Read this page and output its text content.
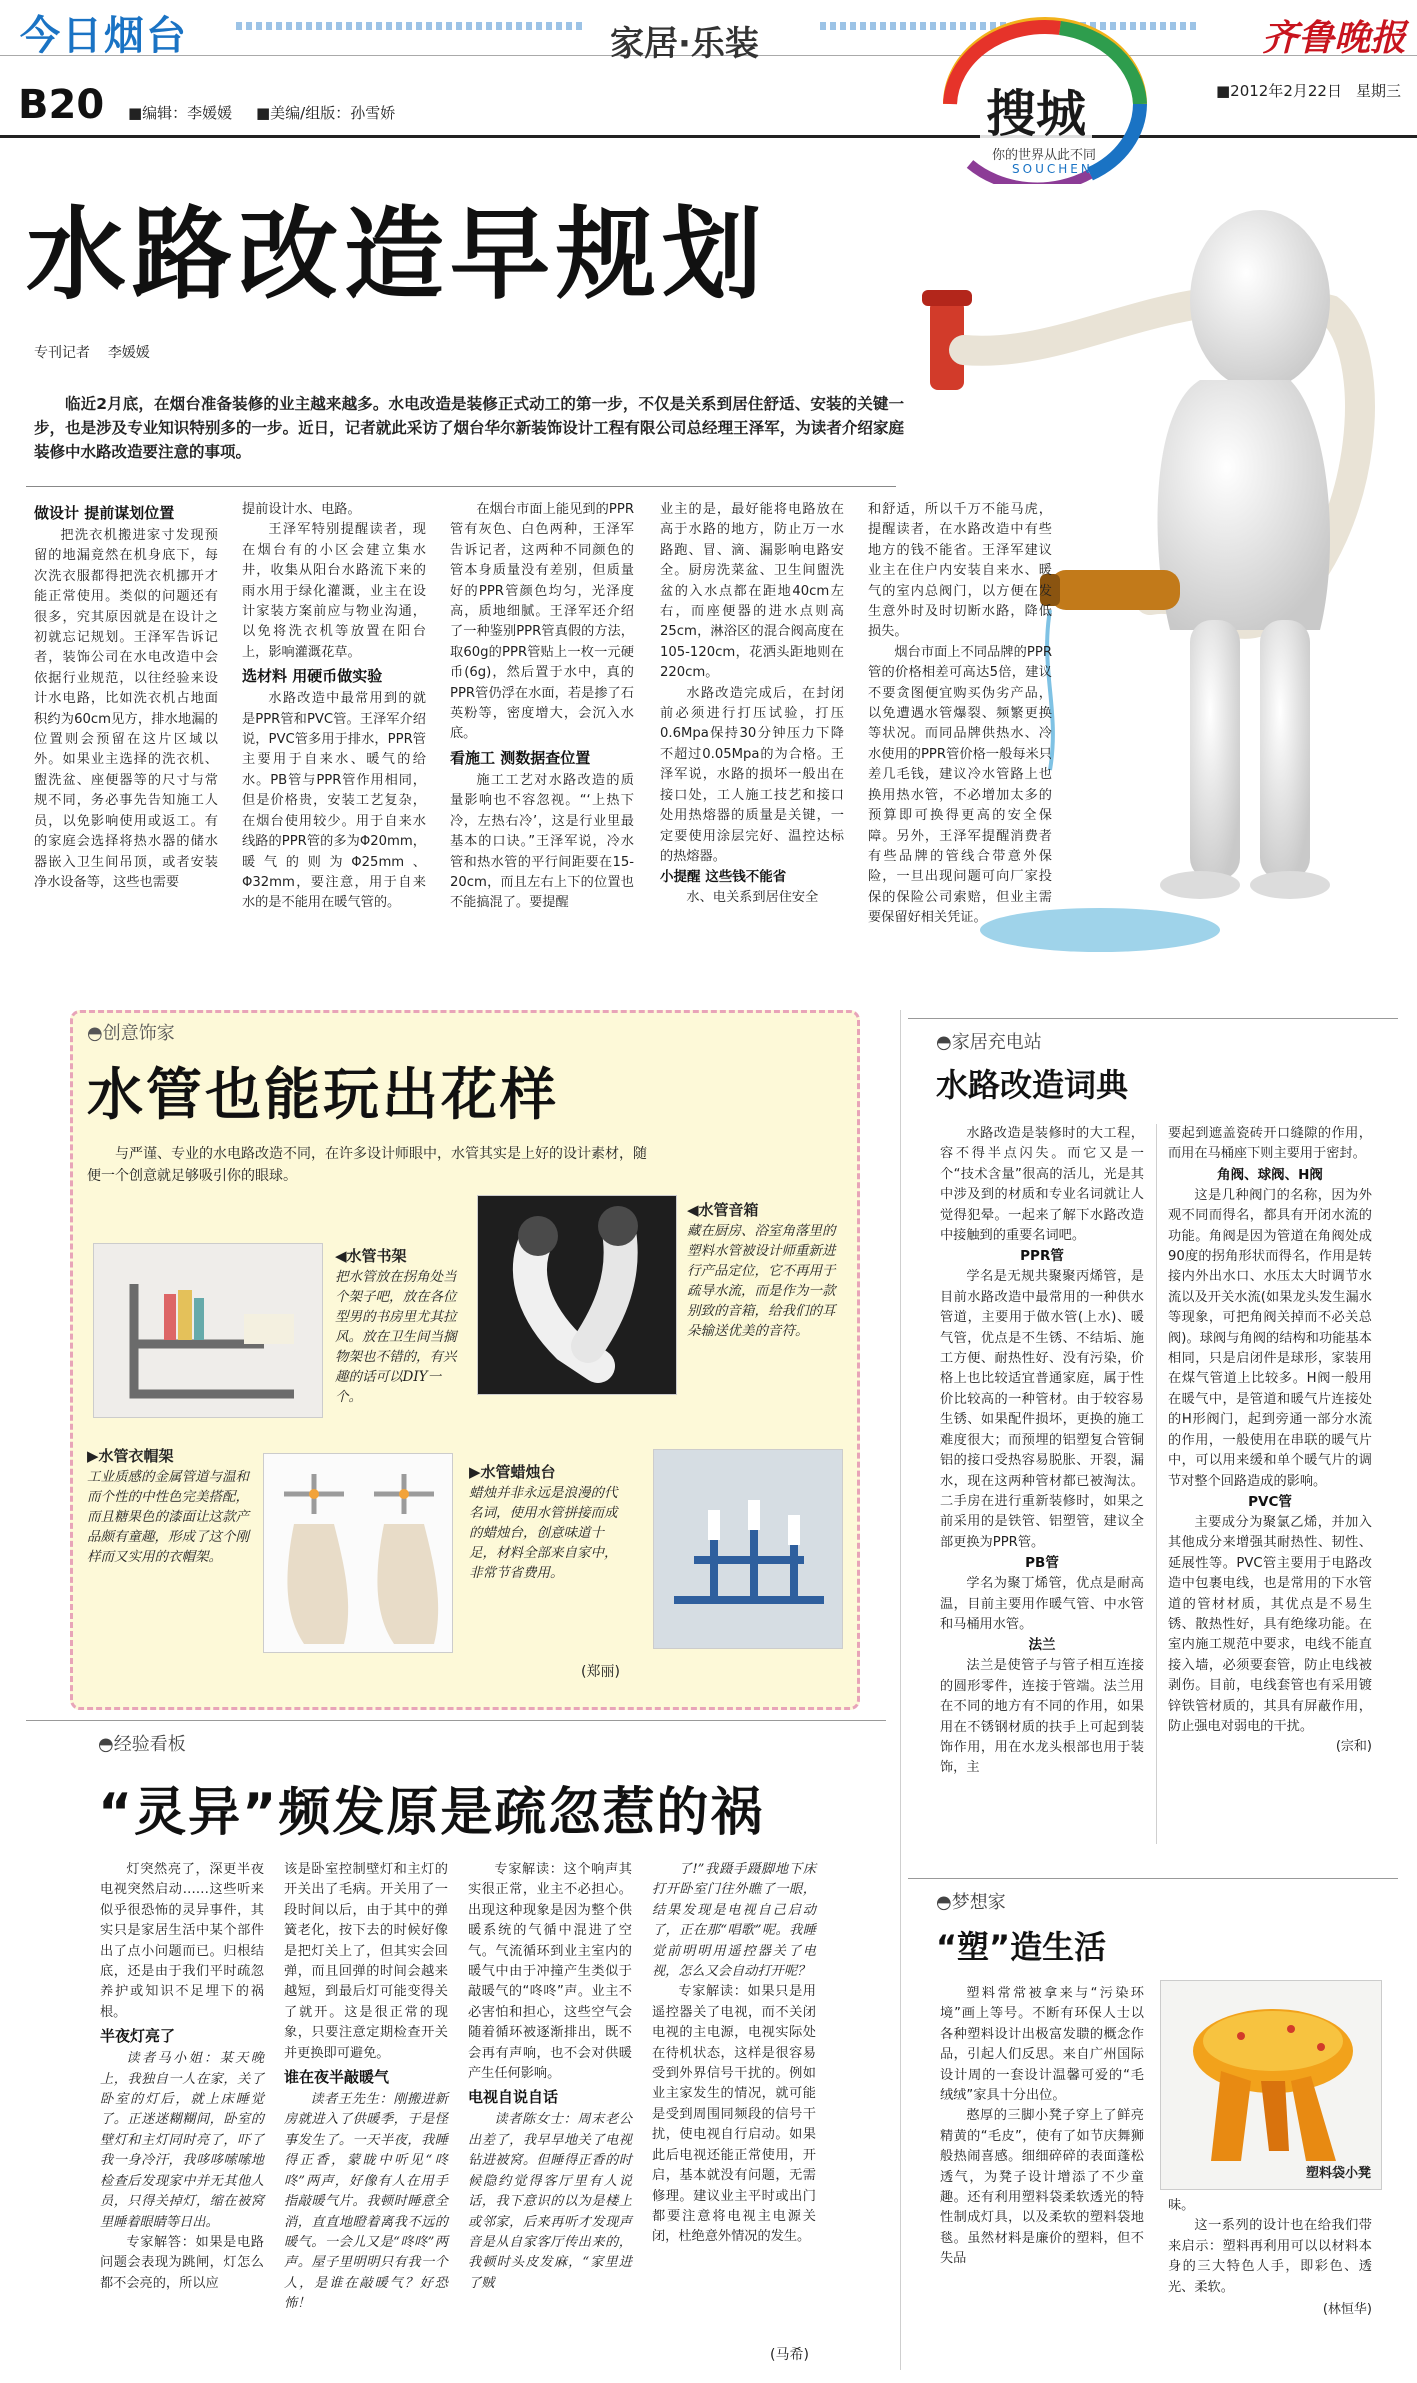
今日烟台	家居·乐装	齐鲁晚报
B20 ■编辑：李媛媛 ■美编/组版：孙雪娇
■2012年2月22日 星期三
搜城
你的世界从此不同
SOUCHENG
水路改造早规划
专刊记者 李媛媛
临近2月底，在烟台准备装修的业主越来越多。水电改造是装修正式动工的第一步，不仅是关系到居住舒适、安装的关键一步，也是涉及专业知识特别多的一步。近日，记者就此采访了烟台华尔新装饰设计工程有限公司总经理王泽军，为读者介绍家庭装修中水路改造要注意的事项。
做设计 提前谋划位置

把洗衣机搬进家寸发现预留的地漏竟然在机身底下，每次洗衣服都得把洗衣机挪开才能正常使用。类似的问题还有很多，究其原因就是在设计之初就忘记规划。王泽军告诉记者，装饰公司在水电改造中会依据行业规范，以往经验来设计水电路，比如洗衣机占地面积约为60cm见方，排水地漏的位置则会预留在这片区域以外。如果业主选择的洗衣机、盥洗盆、座便器等的尺寸与常规不同，务必事先告知施工人员，以免影响使用或返工。有的家庭会选择将热水器的储水器嵌入卫生间吊顶，或者安装净水设备等，这些也需要

提前设计水、电路。

王泽军特别提醒读者，现在烟台有的小区会建立集水井，收集从阳台水路流下来的雨水用于绿化灌溉，业主在设计家装方案前应与物业沟通，以免将洗衣机等放置在阳台上，影响灌溉花草。

选材料 用硬币做实验

水路改造中最常用到的就是PPR管和PVC管。王泽军介绍说，PVC管多用于排水，PPR管主要用于自来水、暖气的给水。PB管与PPR管作用相同，但是价格贵，安装工艺复杂，在烟台使用较少。用于自来水线路的PPR管的多为Φ20mm，暖气的则为Φ25mm、Φ32mm，要注意，用于自来水的是不能用在暖气管的。

在烟台市面上能见到的PPR管有灰色、白色两种，王泽军告诉记者，这两种不同颜色的管本身质量没有差别，但质量好的PPR管颜色均匀，光泽度高，质地细腻。王泽军还介绍了一种鉴别PPR管真假的方法，取60g的PPR管贴上一枚一元硬币(6g)，然后置于水中，真的PPR管仍浮在水面，若是掺了石英粉等，密度增大，会沉入水底。

看施工 测数据查位置

施工工艺对水路改造的质量影响也不容忽视。“‘上热下冷，左热右冷’，这是行业里最基本的口诀。”王泽军说，冷水管和热水管的平行间距要在15-20cm，而且左右上下的位置也不能搞混了。要提醒

业主的是，最好能将电路放在高于水路的地方，防止万一水路跑、冒、滴、漏影响电路安全。厨房洗菜盆、卫生间盥洗盆的入水点都在距地40cm左右，而座便器的进水点则高25cm，淋浴区的混合阀高度在105-120cm，花洒头距地则在220cm。

水路改造完成后，在封闭前必须进行打压试验，打压0.6Mpa保持30分钟压力下降不超过0.05Mpa的为合格。王泽军说，水路的损坏一般出在接口处，工人施工技艺和接口处用热熔器的质量是关键，一定要使用涂层完好、温控达标的热熔器。

小提醒 这些钱不能省

水、电关系到居住安全

和舒适，所以千万不能马虎，提醒读者，在水路改造中有些地方的钱不能省。王泽军建议业主在住户内安装自来水、暖气的室内总阀门，以方便在发生意外时及时切断水路，降低损失。

烟台市面上不同品牌的PPR管的价格相差可高达5倍，建议不要贪图便宜购买伪劣产品，以免遭遇水管爆裂、频繁更换等状况。而同品牌供热水、冷水使用的PPR管价格一般每米只差几毛钱，建议冷水管路上也换用热水管，不必增加太多的预算即可换得更高的安全保障。另外，王泽军提醒消费者有些品牌的管线合带意外保险，一旦出现问题可向厂家投保的保险公司索赔，但业主需要保留好相关凭证。

◓创意饰家
水管也能玩出花样
与严谨、专业的水电路改造不同，在许多设计师眼中，水管其实是上好的设计素材，随便一个创意就足够吸引你的眼球。
◀水管书架
把水管放在拐角处当个架子吧，放在各位型男的书房里尤其拉风。放在卫生间当搁物架也不错的，有兴趣的话可以DIY一个。
◀水管音箱
藏在厨房、浴室角落里的塑料水管被设计师重新进行产品定位，它不再用于疏导水流，而是作为一款别致的音箱，给我们的耳朵输送优美的音符。
▶水管衣帽架
工业质感的金属管道与温和而个性的中性色完美搭配，而且糖果色的漆面让这款产品颇有童趣，形成了这个刚样而又实用的衣帽架。
▶水管蜡烛台
蜡烛并非永远是浪漫的代名词，使用水管拼接而成的蜡烛台，创意味道十足，材料全部来自家中，非常节省费用。
(郑丽)
◓家居充电站
水路改造词典

水路改造是装修时的大工程，容不得半点闪失。而它又是一个“技术含量”很高的活儿，光是其中涉及到的材质和专业名词就让人觉得犯晕。一起来了解下水路改造中接触到的重要名词吧。

PPR管

学名是无规共聚聚丙烯管，是目前水路改造中最常用的一种供水管道，主要用于做水管(上水)、暖气管，优点是不生锈、不结垢、施工方便、耐热性好、没有污染，价格上也比较适宜普通家庭，属于性价比较高的一种管材。由于较容易生锈、如果配件损坏，更换的施工难度很大；而预埋的铝塑复合管铜铝的接口受热容易脱胀、开裂，漏水，现在这两种管材都已被淘汰。二手房在进行重新装修时，如果之前采用的是铁管、铝塑管，建议全部更换为PPR管。

PB管

学名为聚丁烯管，优点是耐高温，目前主要用作暖气管、中水管和马桶用水管。

法兰

法兰是使管子与管子相互连接的圆形零件，连接于管端。法兰用在不同的地方有不同的作用，如果用在不锈钢材质的扶手上可起到装饰作用，用在水龙头根部也用于装饰，主

要起到遮盖瓷砖开口缝隙的作用，而用在马桶座下则主要用于密封。

角阀、球阀、H阀

这是几种阀门的名称，因为外观不同而得名，都具有开闭水流的功能。角阀是因为管道在角阀处成90度的拐角形状而得名，作用是转接内外出水口、水压太大时调节水流以及开关水流(如果龙头发生漏水等现象，可把角阀关掉而不必关总阀)。球阀与角阀的结构和功能基本相同，只是启闭件是球形，家装用在煤气管道上比较多。H阀一般用在暖气中，是管道和暖气片连接处的H形阀门，起到旁通一部分水流的作用，一般使用在串联的暖气片中，可以用来缓和单个暖气片的调节对整个回路造成的影响。

PVC管

主要成分为聚氯乙烯，并加入其他成分来增强其耐热性、韧性、延展性等。PVC管主要用于电路改造中包裹电线，也是常用的下水管道的管材材质，其优点是不易生锈、散热性好，具有绝缘功能。在室内施工规范中要求，电线不能直接入墙，必须要套管，防止电线被剥伤。目前，电线套管也有采用镀锌铁管材质的，其具有屏蔽作用，防止强电对弱电的干扰。

(宗和)
◓梦想家
“塑”造生活

塑料常常被拿来与“污染环境”画上等号。不断有环保人士以各种塑料设计出极富发聩的概念作品，引起人们反思。来自广州国际设计周的一套设计温馨可爱的“毛绒绒”家具十分出位。

憨厚的三脚小凳子穿上了鲜亮精黄的“毛皮”，使有了如节庆舞狮般热闹喜感。细细碎碎的表面蓬松透气，为凳子设计增添了不少童趣。还有利用塑料袋柔软透光的特性制成灯具，以及柔软的塑料袋地毯。虽然材料是廉价的塑料，但不失品

塑料袋小凳

味。

这一系列的设计也在给我们带来启示：塑料再利用可以以材料本身的三大特色人手，即彩色、透光、柔软。

(林恒华)
◓经验看板
“灵异”频发原是疏忽惹的祸

灯突然亮了，深更半夜电视突然启动……这些听来似乎很恐怖的灵异事件，其实只是家居生活中某个部件出了点小问题而已。归根结底，还是由于我们平时疏忽养护或知识不足埋下的祸根。

半夜灯亮了

读者马小姐：某天晚上，我独自一人在家，关了卧室的灯后，就上床睡觉了。正迷迷糊糊间，卧室的壁灯和主灯同时亮了，吓了我一身冷汗，我哆哆嗦嗦地检查后发现家中并无其他人员，只得关掉灯，缩在被窝里睡着眼睛等日出。

专家解答：如果是电路问题会表现为跳闸，灯怎么都不会亮的，所以应

该是卧室控制壁灯和主灯的开关出了毛病。开关用了一段时间以后，由于其中的弹簧老化，按下去的时候好像是把灯关上了，但其实会回弹，而且回弹的时间会越来越短，到最后灯可能变得关了就开。这是很正常的现象，只要注意定期检查开关并更换即可避免。

谁在夜半敲暖气

读者王先生：刚搬进新房就进入了供暖季，于是怪事发生了。一天半夜，我睡得正香，蒙眬中听见“咚咚”两声，好像有人在用手指敲暖气片。我顿时睡意全消，直直地瞪着离我不远的暖气。一会儿又是“咚咚”两声。屋子里明明只有我一个人，是谁在敲暖气？好恐怖！

专家解读：这个响声其实很正常，业主不必担心。出现这种现象是因为整个供暖系统的气循中混进了空气。气流循环到业主室内的暖气中由于冲撞产生类似于敲暖气的“咚咚”声。业主不必害怕和担心，这些空气会随着循环被逐渐排出，既不会再有声响，也不会对供暖产生任何影响。

电视自说自话

读者陈女士：周末老公出差了，我早早地关了电视钻进被窝。但睡得正香的时候隐约觉得客厅里有人说话，我下意识的以为是楼上或邻家，后来再听才发现声音是从自家客厅传出来的，我顿时头皮发麻，“家里进了贼

了!”我蹑手蹑脚地下床打开卧室门往外瞧了一眼，结果发现是电视自己启动了，正在那“唱歌”呢。我睡觉前明明用遥控器关了电视，怎么又会自动打开呢？

专家解读：如果只是用遥控器关了电视，而不关闭电视的主电源，电视实际处在待机状态，这样是很容易受到外界信号干扰的。例如业主家发生的情况，就可能是受到周围同频段的信号干扰，使电视自行启动。如果此后电视还能正常使用，开启，基本就没有问题，无需修理。建议业主平时或出门都要注意将电视主电源关闭，杜绝意外情况的发生。

(马希)
